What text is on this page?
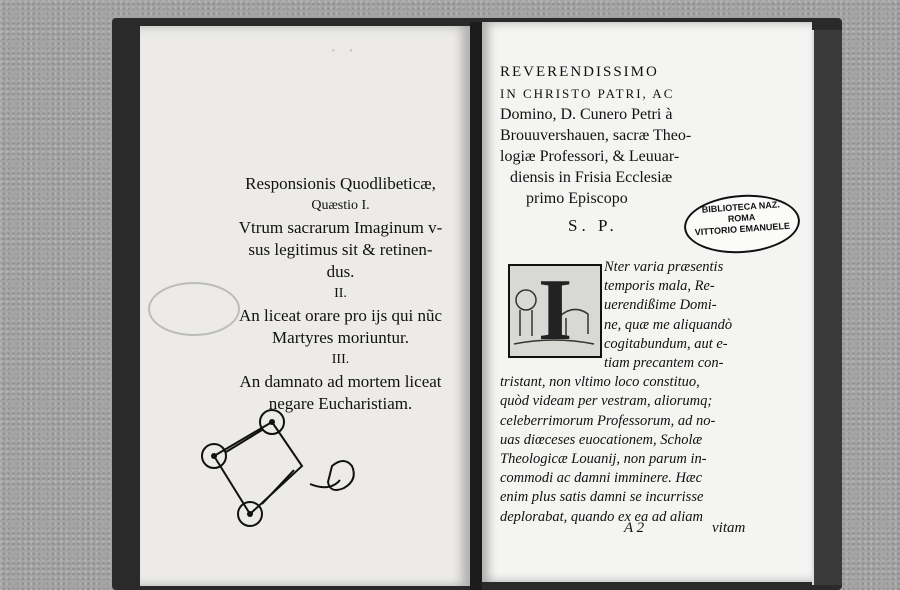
· ·
Responsionis Quodlibeticæ,
Quæstio I.
Vtrum sacrarum Imaginum v-
sus legitimus sit & retinen-
dus.
II.
An liceat orare pro ijs qui nũc
Martyres moriuntur.
III.
An damnato ad mortem liceat
negare Eucharistiam.
REVERENDISSIMO
IN CHRISTO PATRI, AC
Domino, D. Cunero Petri à
Brouuvershauen, sacræ Theo-
logiæ Professori, & Leuuar-
diensis in Frisia Ecclesiæ
primo Episcopo
S. P.
BIBLIOTECA NAZ.
ROMA
VITTORIO EMANUELE
I	Nter varia præsentis
temporis mala, Re-
uerendißime Domi-
ne, quæ me aliquandò
cogitabundum, aut e-
tiam precantem con-
tristant, non vltimo loco constituo,
quòd videam per vestram, aliorumq;
celeberrimorum Professorum, ad no-
uas diœceses euocationem, Scholæ
Theologicæ Louanij, non parum in-
commodi ac damni imminere. Hæc
enim plus satis damni se incurrisse
deplorabat, quando ex ea ad aliam
A 2	vitam
